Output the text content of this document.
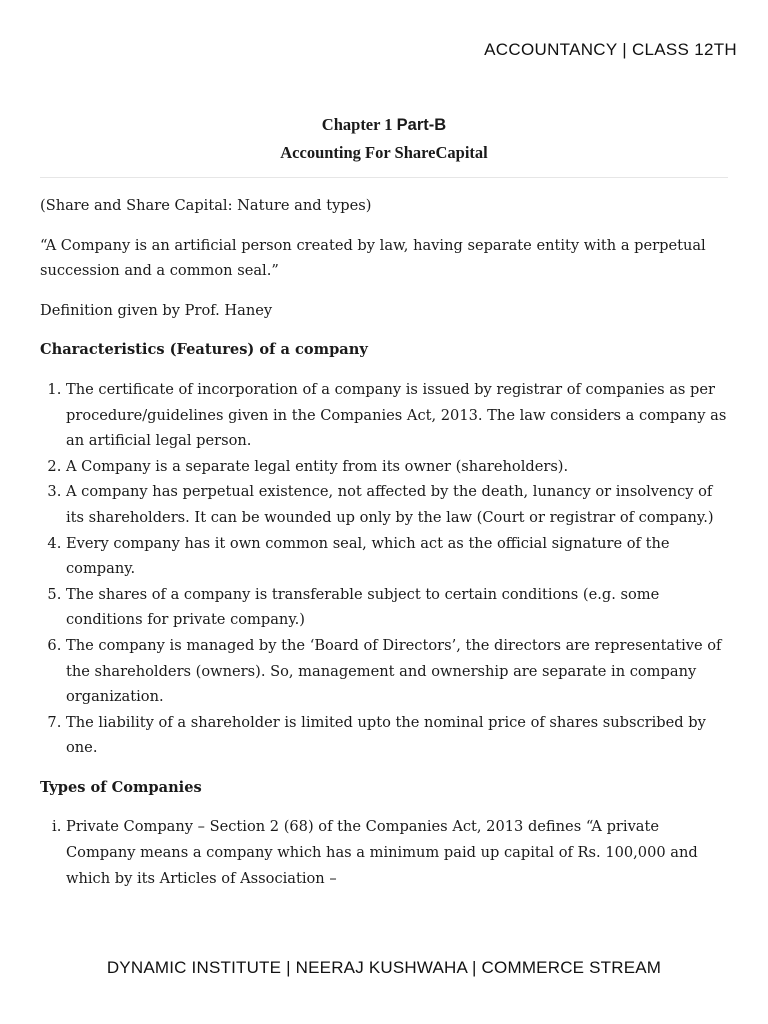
ACCOUNTANCY | CLASS 12TH
Chapter 1 Part-B
Accounting For ShareCapital

(Share and Share Capital: Nature and types)

“A Company is an artificial person created by law, having separate entity with a perpetual succession and a common seal.”

Definition given by Prof. Haney

Characteristics (Features) of a company

1. The certificate of incorporation of a company is issued by registrar of companies as per procedure/guidelines given in the Companies Act, 2013. The law considers a company as an artificial legal person.
2. A Company is a separate legal entity from its owner (shareholders).
3. A company has perpetual existence, not affected by the death, lunancy or insolvency of its shareholders. It can be wounded up only by the law (Court or registrar of company.)
4. Every company has it own common seal, which act as the official signature of the company.
5. The shares of a company is transferable subject to certain conditions (e.g. some conditions for private company.)
6. The company is managed by the ‘Board of Directors’, the directors are representative of the shareholders (owners). So, management and ownership are separate in company organization.
7. The liability of a shareholder is limited upto the nominal price of shares subscribed by one.

Types of Companies

i. Private Company – Section 2 (68) of the Companies Act, 2013 defines “A private Company means a company which has a minimum paid up capital of Rs. 100,000 and which by its Articles of Association –
DYNAMIC INSTITUTE | NEERAJ KUSHWAHA | COMMERCE STREAM
